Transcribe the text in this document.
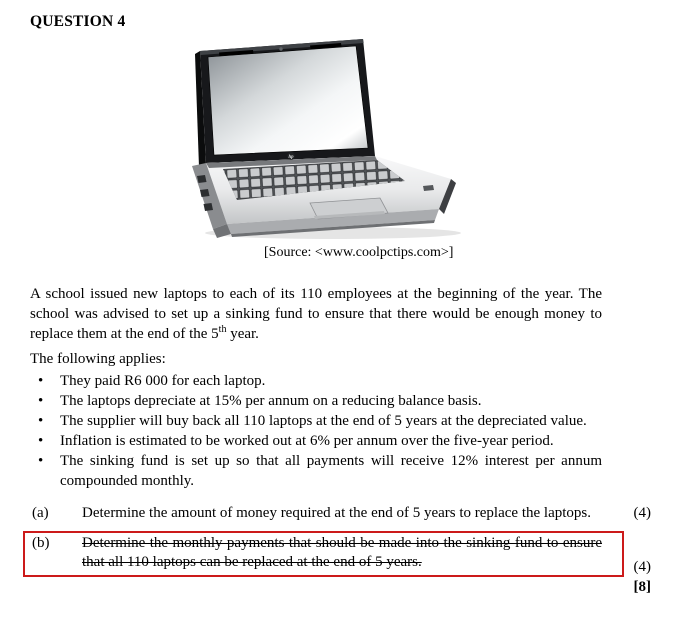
QUESTION 4
hp
[Source: <www.coolpctips.com>]

A school issued new laptops to each of its 110 employees at the beginning of the year. The school was advised to set up a sinking fund to ensure that there would be enough money to replace them at the end of the 5th year.

The following applies:
•	They paid R6 000 for each laptop.
•	The laptops depreciate at 15% per annum on a reducing balance basis.
•	The supplier will buy back all 110 laptops at the end of 5 years at the depreciated value.
•	Inflation is estimated to be worked out at 6% per annum over the five-year period.
•	The sinking fund is set up so that all payments will receive 12% interest per annum compounded monthly.
(a)	Determine the amount of money required at the end of 5 years to replace the laptops.	(4)
(b)	Determine the monthly payments that should be made into the sinking fund to ensure that all 110 laptops can be replaced at the end of 5 years.	(4)
[8]
